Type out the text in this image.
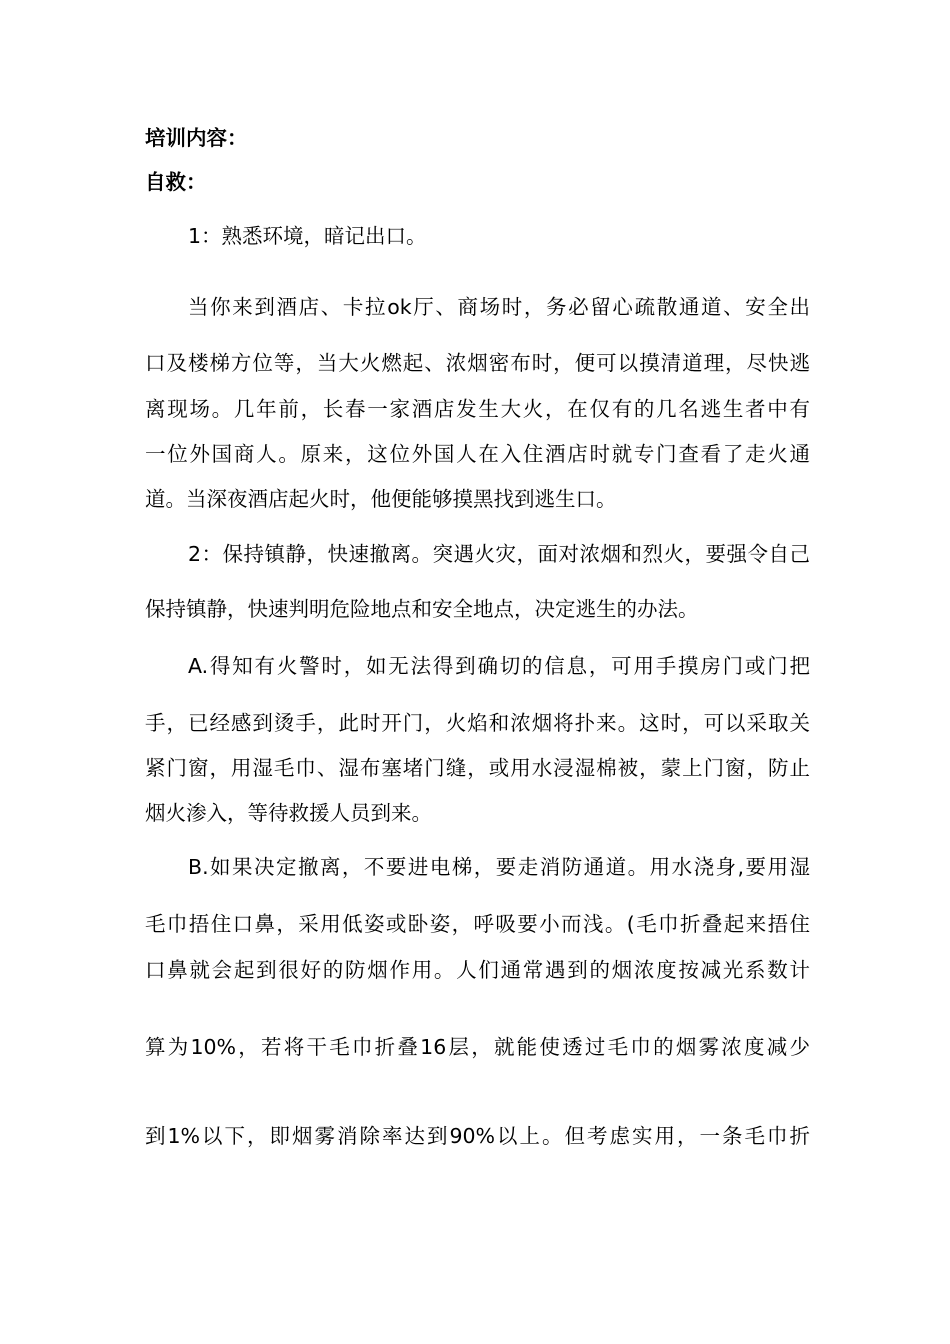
培训内容：
自救：
1：熟悉环境，暗记出口。
当你来到酒店、卡拉ok厅、商场时，务必留心疏散通道、安全出
口及楼梯方位等，当大火燃起、浓烟密布时，便可以摸清道理，尽快逃
离现场。几年前，长春一家酒店发生大火，在仅有的几名逃生者中有
一位外国商人。原来，这位外国人在入住酒店时就专门查看了走火通
道。当深夜酒店起火时，他便能够摸黑找到逃生口。
2：保持镇静，快速撤离。突遇火灾，面对浓烟和烈火，要强令自己
保持镇静，快速判明危险地点和安全地点，决定逃生的办法。
A.得知有火警时，如无法得到确切的信息，可用手摸房门或门把
手，已经感到烫手，此时开门，火焰和浓烟将扑来。这时，可以采取关
紧门窗，用湿毛巾、湿布塞堵门缝，或用水浸湿棉被，蒙上门窗，防止
烟火渗入，等待救援人员到来。
B.如果决定撤离，不要进电梯，要走消防通道。用水浇身,要用湿
毛巾捂住口鼻，采用低姿或卧姿，呼吸要小而浅。(毛巾折叠起来捂住
口鼻就会起到很好的防烟作用。人们通常遇到的烟浓度按减光系数计
算为10%，若将干毛巾折叠16层，就能使透过毛巾的烟雾浓度减少
到1%以下，即烟雾消除率达到90%以上。但考虑实用，一条毛巾折
